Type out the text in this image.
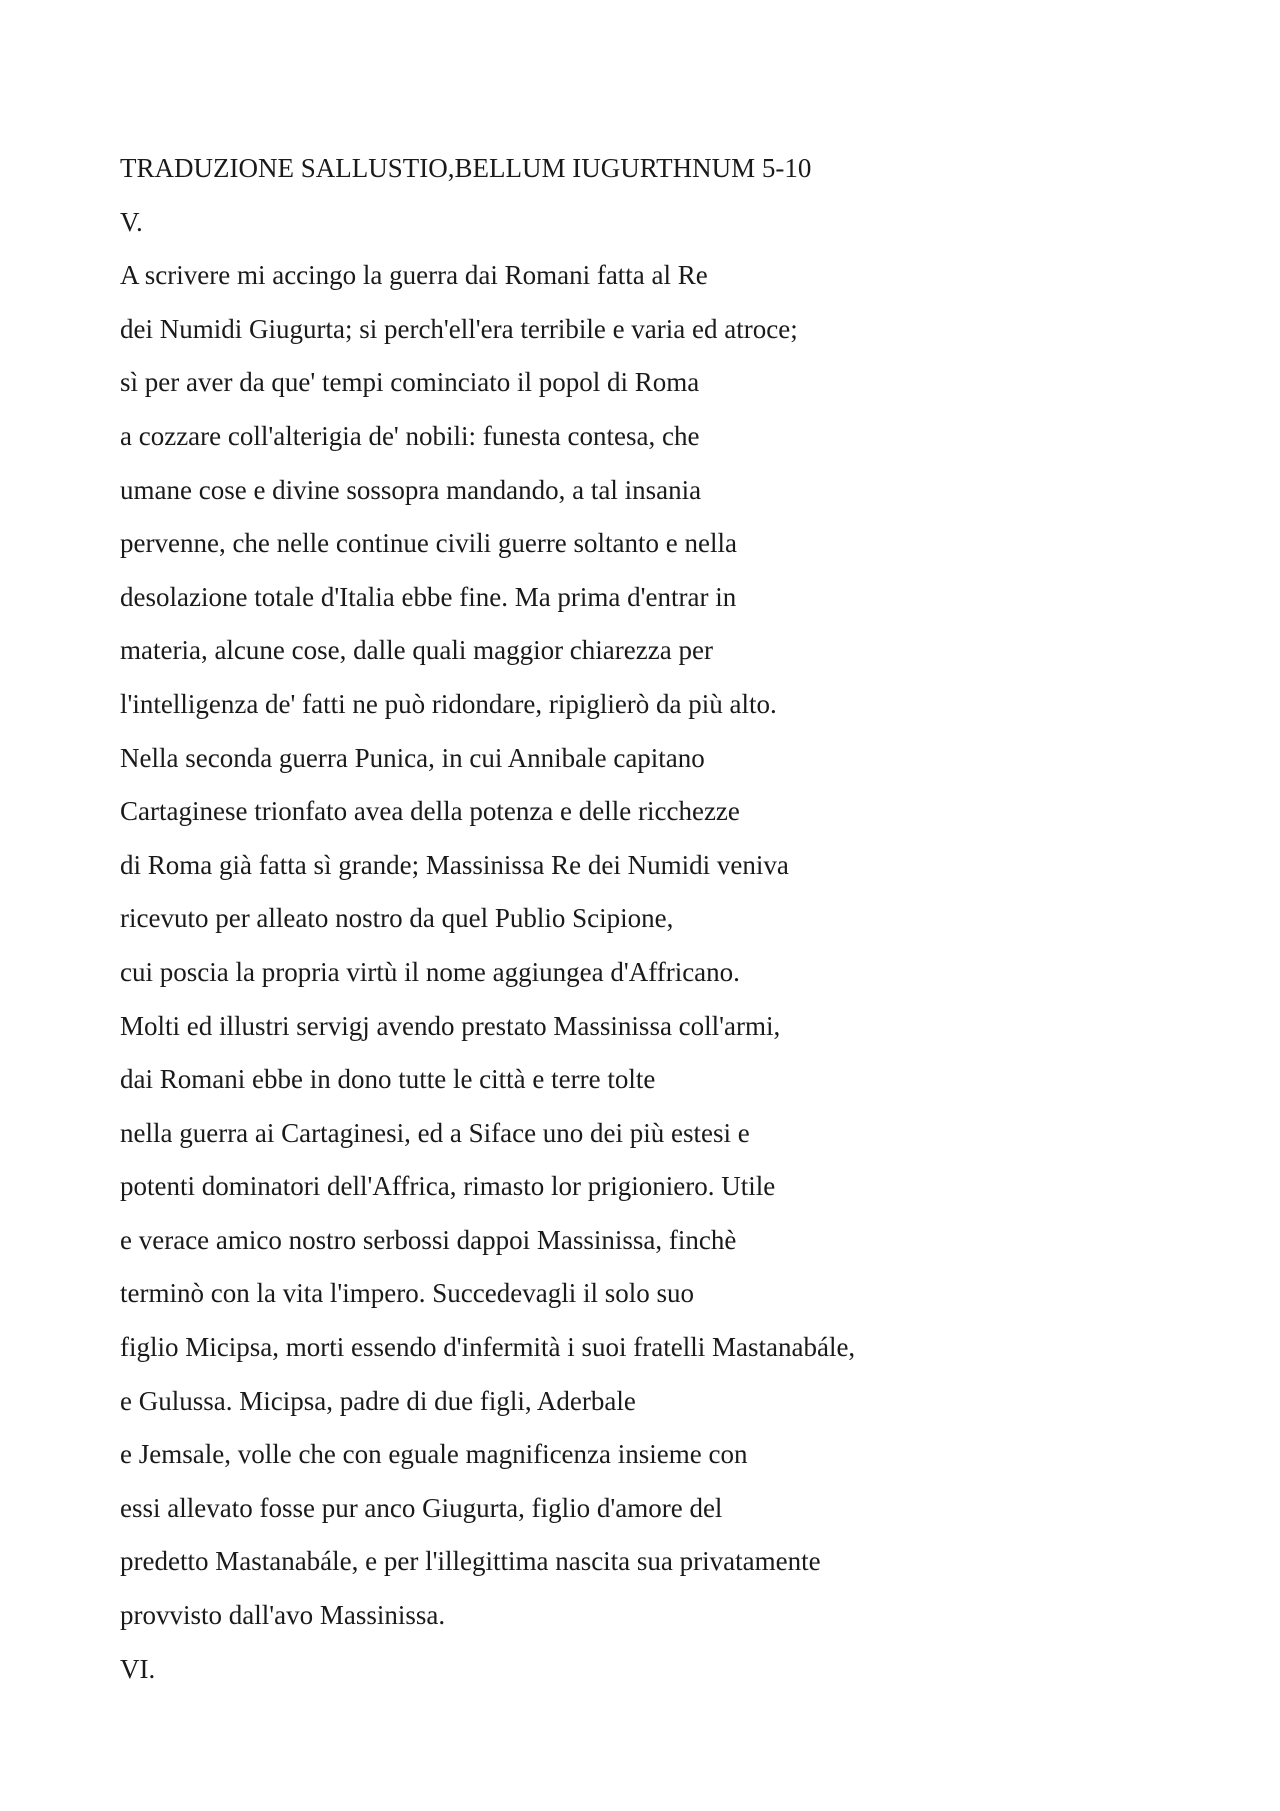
TRADUZIONE SALLUSTIO,BELLUM IUGURTHNUM 5-10
V.
A scrivere mi accingo la guerra dai Romani fatta al Re
dei Numidi Giugurta; si perch'ell'era terribile e varia ed atroce;
sì per aver da que' tempi cominciato il popol di Roma
a cozzare coll'alterigia de' nobili: funesta contesa, che
umane cose e divine sossopra mandando, a tal insania
pervenne, che nelle continue civili guerre soltanto e nella
desolazione totale d'Italia ebbe fine. Ma prima d'entrar in
materia, alcune cose, dalle quali maggior chiarezza per
l'intelligenza de' fatti ne può ridondare, ripiglierò da più alto.
Nella seconda guerra Punica, in cui Annibale capitano
Cartaginese trionfato avea della potenza e delle ricchezze
di Roma già fatta sì grande; Massinissa Re dei Numidi veniva
ricevuto per alleato nostro da quel Publio Scipione,
cui poscia la propria virtù il nome aggiungea d'Affricano.
Molti ed illustri servigj avendo prestato Massinissa coll'armi,
dai Romani ebbe in dono tutte le città e terre tolte
nella guerra ai Cartaginesi, ed a Siface uno dei più estesi e
potenti dominatori dell'Affrica, rimasto lor prigioniero. Utile
e verace amico nostro serbossi dappoi Massinissa, finchè
terminò con la vita l'impero. Succedevagli il solo suo
figlio Micipsa, morti essendo d'infermità i suoi fratelli Mastanabále,
e Gulussa. Micipsa, padre di due figli, Aderbale
e Jemsale, volle che con eguale magnificenza insieme con
essi allevato fosse pur anco Giugurta, figlio d'amore del
predetto Mastanabále, e per l'illegittima nascita sua privatamente
provvisto dall'avo Massinissa.
VI.
